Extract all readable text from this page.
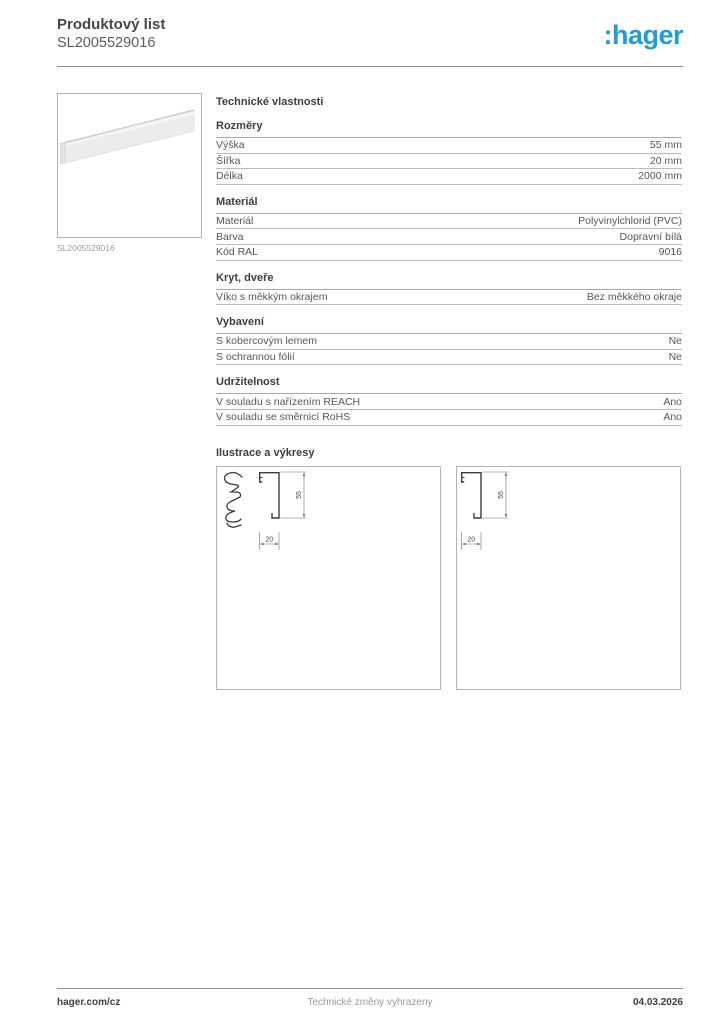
Produktový list
SL2005529016	:hager
SL2005529016
Technické vlastnosti
Rozměry
Výška	55 mm
Šířka	20 mm
Délka	2000 mm
Materiál
Materiál	Polyvinylchlorid (PVC)
Barva	Dopravní bílá
Kód RAL	9016
Kryt, dveře
Víko s měkkým okrajem	Bez měkkého okraje
Vybavení
S kobercovým lemem	Ne
S ochrannou fólií	Ne
Udržitelnost
V souladu s nařízením REACH	Ano
V souladu se směrnicí RoHS	Ano
Ilustrace a výkresy
55
20
55
20
Technické změny vyhrazeny
hager.com/cz	04.03.2026
